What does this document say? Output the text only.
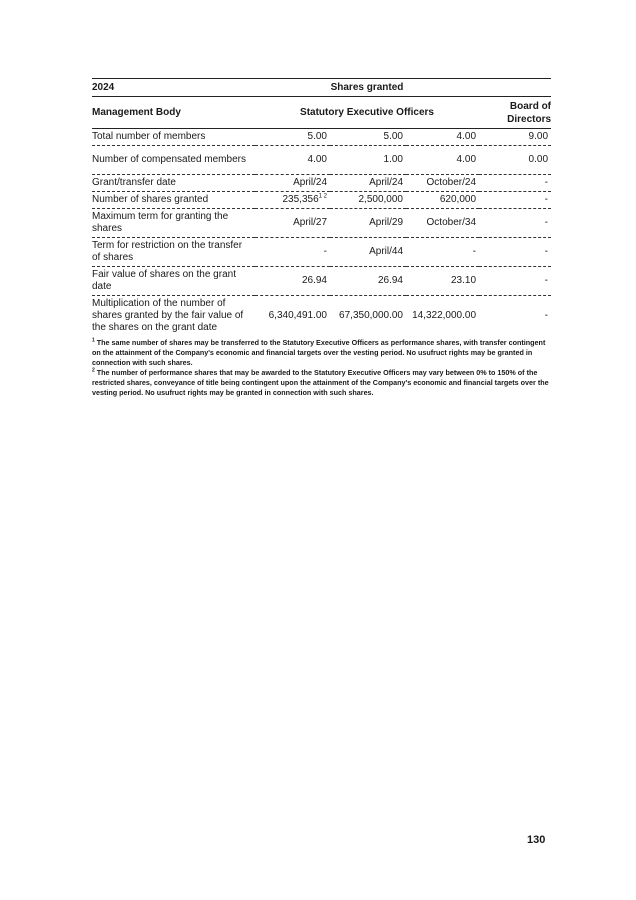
2024	Shares granted			
Management Body	Statutory Executive Officers			Board of
Directors
Total number of members	5.00	5.00	4.00	9.00
Number of compensated members	4.00	1.00	4.00	0.00
Grant/transfer date	April/24	April/24	October/24	-
Number of shares granted	$235,356^{1 2}$	2,500,000	620,000	-
Maximum term for granting the shares	April/27	April/29	October/34	-
Term for restriction on the transfer of shares	-	April/44	-	-
Fair value of shares on the grant date	26.94	26.94	23.10	-
Multiplication of the number of shares granted by the fair value of the shares on the grant date	6,340,491.00	67,350,000.00	14,322,000.00	-

$^1$ The same number of shares may be transferred to the Statutory Executive Officers as performance shares, with transfer contingent on the attainment of the Company's economic and financial targets over the vesting period. No usufruct rights may be granted in connection with such shares.

$^2$ The number of performance shares that may be awarded to the Statutory Executive Officers may vary between 0% to 150% of the restricted shares, conveyance of title being contingent upon the attainment of the Company's economic and financial targets over the vesting period. No usufruct rights may be granted in connection with such shares.

130
